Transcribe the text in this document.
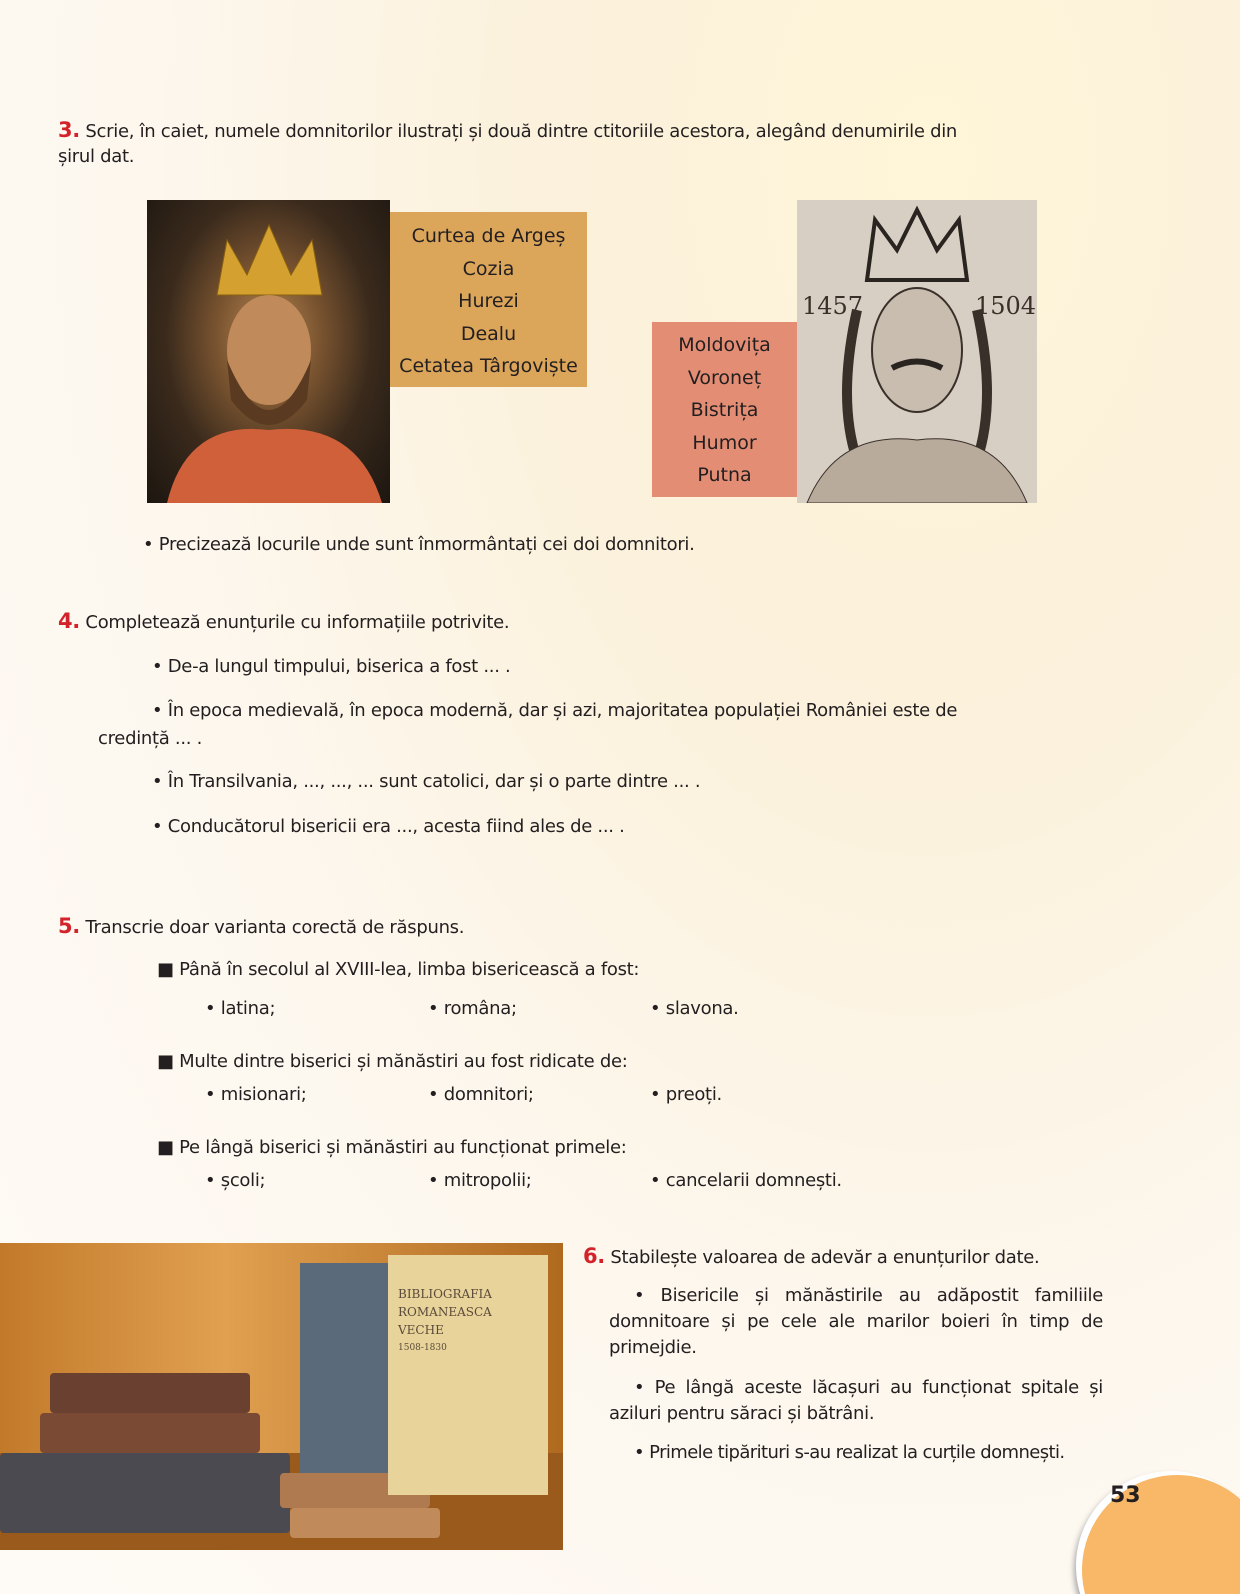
3. Scrie, în caiet, numele domnitorilor ilustrați și două dintre ctitoriile acestora, alegând denumirile din
șirul dat.
Curtea de Argeș
Cozia
Hurezi
Dealu
Cetatea Târgoviște
1457	1504
Moldovița
Voroneț
Bistrița
Humor
Putna
• Precizează locurile unde sunt înmormântați cei doi domnitori.
4. Completează enunțurile cu informațiile potrivite.
• De-a lungul timpului, biserica a fost ... .
• În epoca medievală, în epoca modernă, dar și azi, majoritatea populației României este de
credință ... .
• În Transilvania, ..., ..., ... sunt catolici, dar și o parte dintre ... .
• Conducătorul bisericii era ..., acesta fiind ales de ... .
5. Transcrie doar varianta corectă de răspuns.
■ Până în secolul al XVIII-lea, limba bisericească a fost:
• latina;	• româna;	• slavona.
■ Multe dintre biserici și mănăstiri au fost ridicate de:
• misionari;	• domnitori;	• preoți.
■ Pe lângă biserici și mănăstiri au funcționat primele:
• școli;	• mitropolii;	• cancelarii domnești.
BIBLIOGRAFIA
ROMANEASCA
VECHE
1508-1830
6. Stabilește valoarea de adevăr a enunțurilor date.
• Bisericile și mănăstirile au adăpostit familiile domnitoare și pe cele ale marilor boieri în timp de primejdie.
• Pe lângă aceste lăcașuri au funcționat spitale și aziluri pentru săraci și bătrâni.
• Primele tipărituri s-au realizat la curțile domnești.
53
